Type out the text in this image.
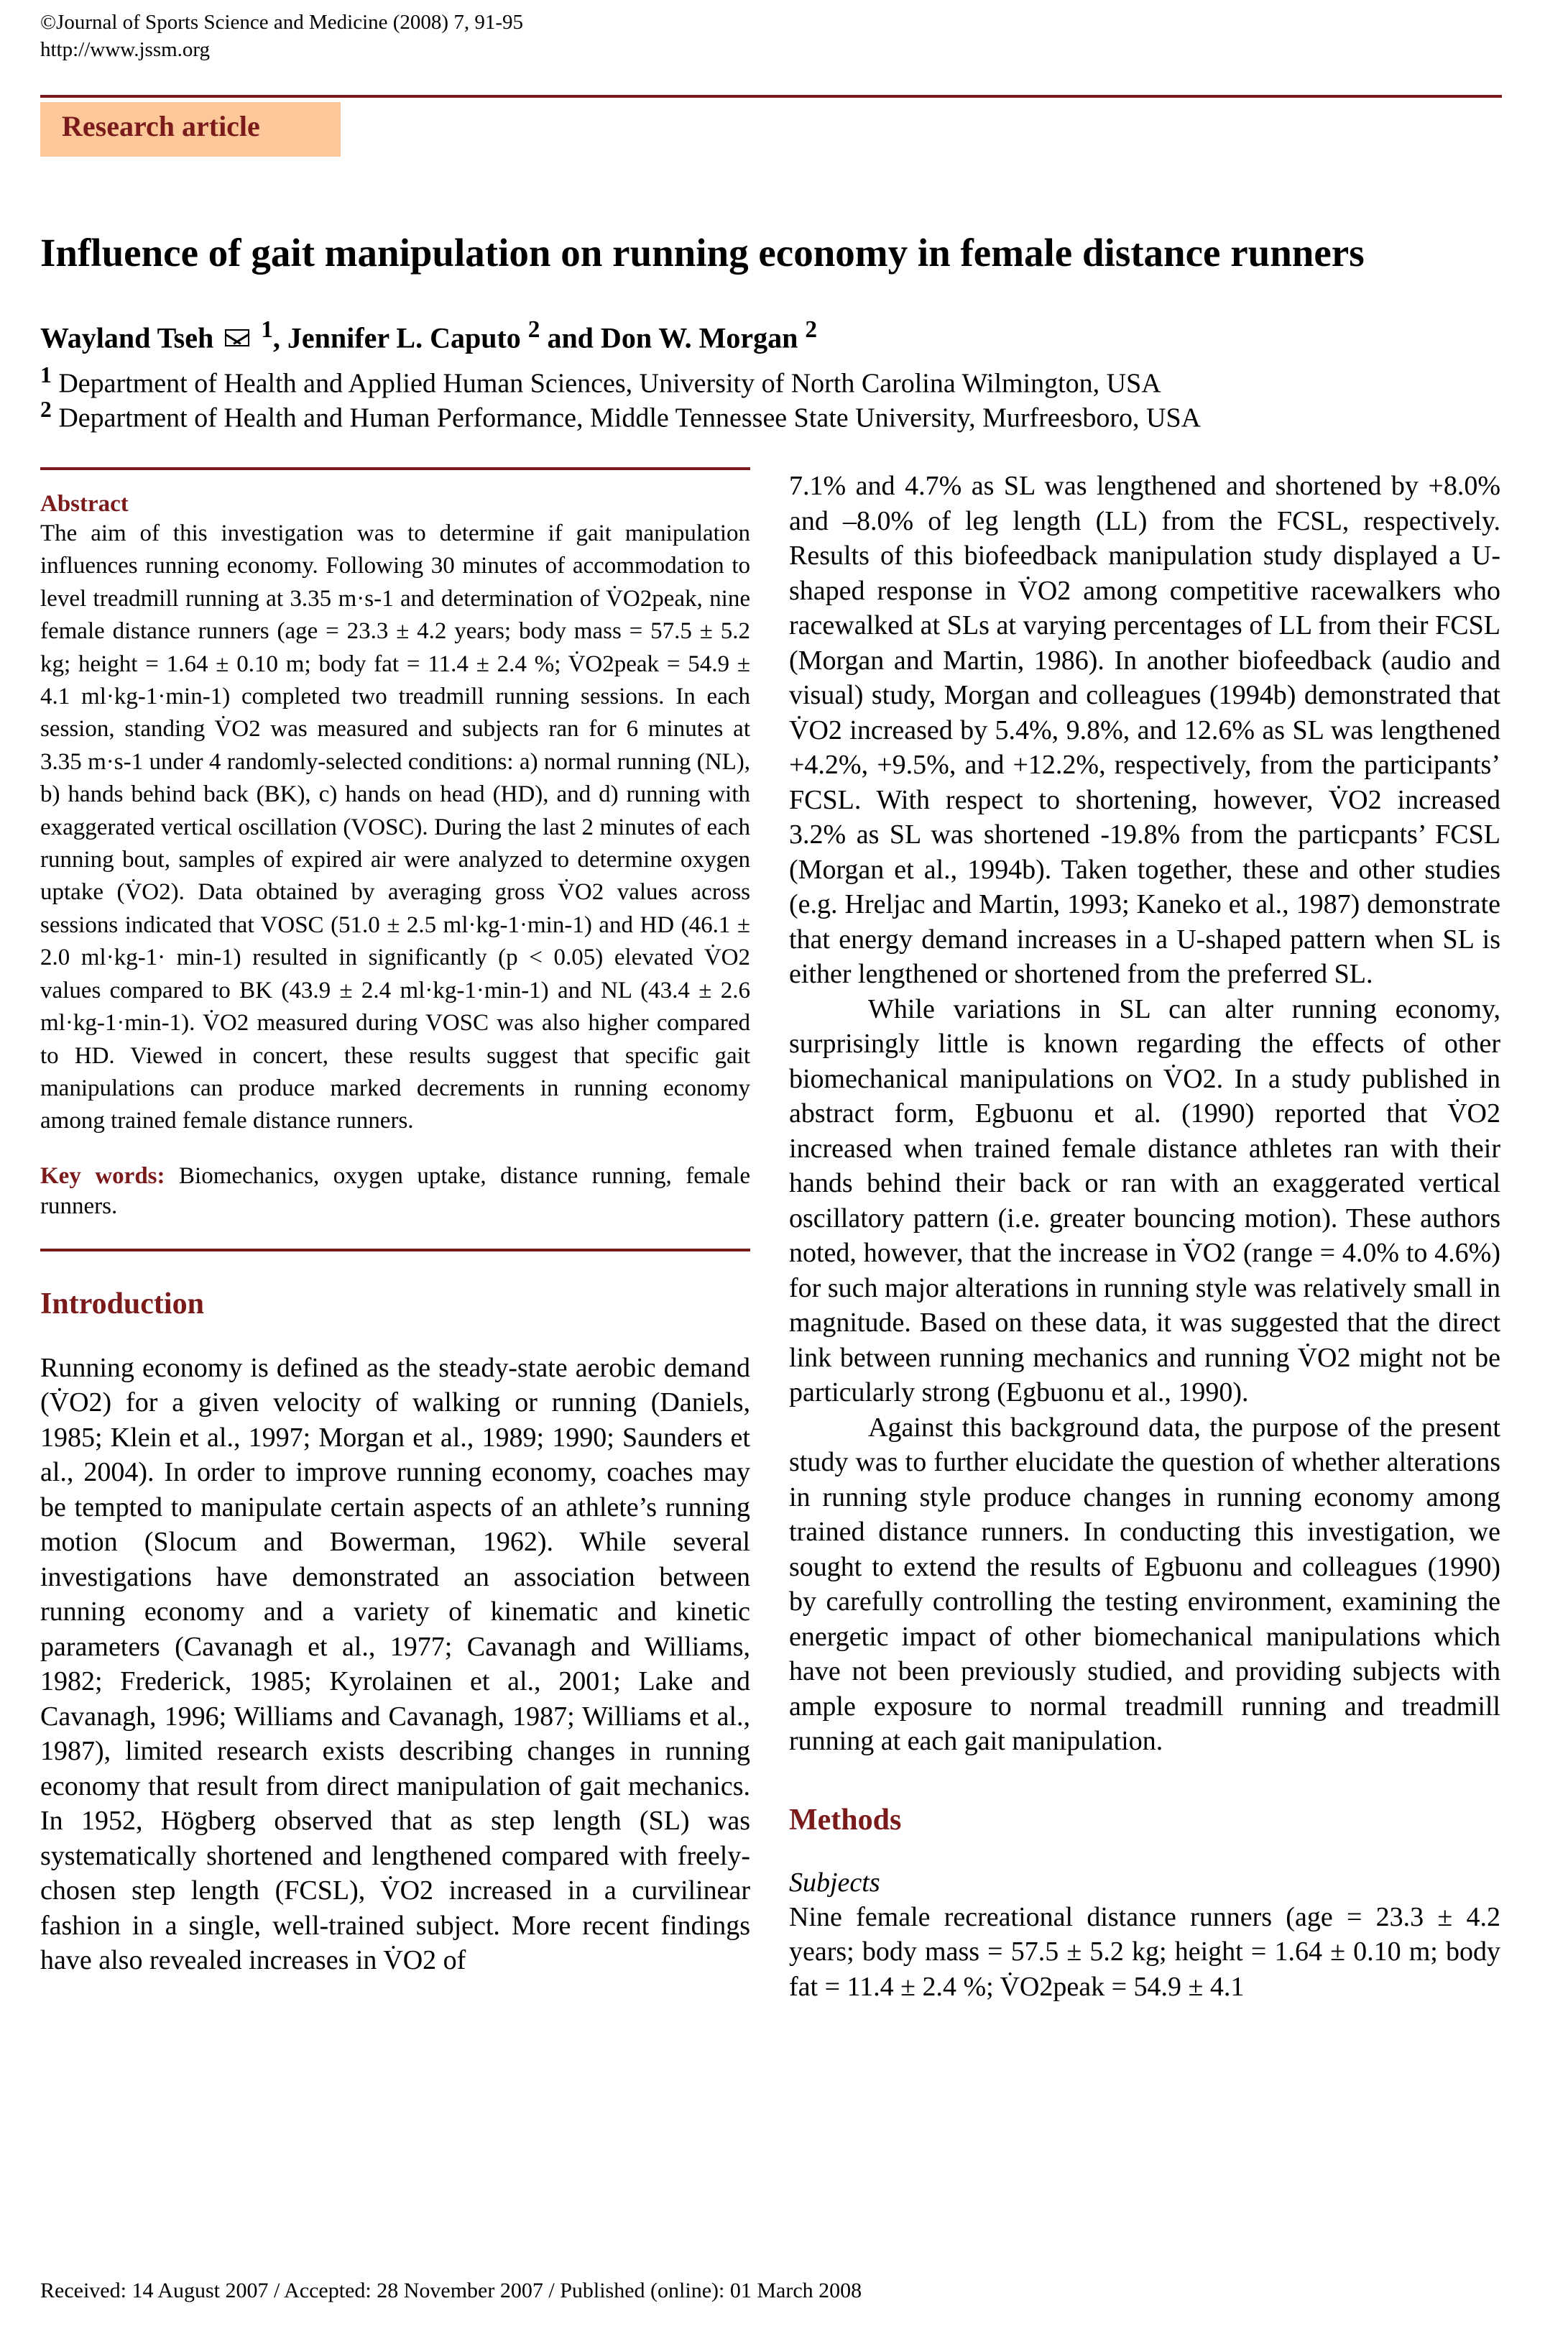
©Journal of Sports Science and Medicine (2008) 7, 91-95
http://www.jssm.org
Research article
Influence of gait manipulation on running economy in female distance runners
Wayland Tseh $^1$, Jennifer L. Caputo $^2$ and Don W. Morgan $^2$
$^1$ Department of Health and Applied Human Sciences, University of North Carolina Wilmington, USA
$^2$ Department of Health and Human Performance, Middle Tennessee State University, Murfreesboro, USA
Abstract
The aim of this investigation was to determine if gait manipulation influences running economy. Following 30 minutes of accommodation to level treadmill running at 3.35 m·s-1 and determination of V̇O2peak, nine female distance runners (age = 23.3 ± 4.2 years; body mass = 57.5 ± 5.2 kg; height = 1.64 ± 0.10 m; body fat = 11.4 ± 2.4 %; V̇O2peak = 54.9 ± 4.1 ml·kg-1·min-1) completed two treadmill running sessions. In each session, standing V̇O2 was measured and subjects ran for 6 minutes at 3.35 m·s-1 under 4 randomly-selected conditions: a) normal running (NL), b) hands behind back (BK), c) hands on head (HD), and d) running with exaggerated vertical oscillation (VOSC). During the last 2 minutes of each running bout, samples of expired air were analyzed to determine oxygen uptake (V̇O2). Data obtained by averaging gross V̇O2 values across sessions indicated that VOSC (51.0 ± 2.5 ml·kg-1·min-1) and HD (46.1 ± 2.0 ml·kg-1· min-1) resulted in significantly (p < 0.05) elevated V̇O2 values compared to BK (43.9 ± 2.4 ml·kg-1·min-1) and NL (43.4 ± 2.6 ml·kg-1·min-1). V̇O2 measured during VOSC was also higher compared to HD. Viewed in concert, these results suggest that specific gait manipulations can produce marked decrements in running economy among trained female distance runners.
Key words: Biomechanics, oxygen uptake, distance running, female runners.
Introduction
Running economy is defined as the steady-state aerobic demand (V̇O2) for a given velocity of walking or running (Daniels, 1985; Klein et al., 1997; Morgan et al., 1989; 1990; Saunders et al., 2004). In order to improve running economy, coaches may be tempted to manipulate certain aspects of an athlete’s running motion (Slocum and Bowerman, 1962). While several investigations have demonstrated an association between running economy and a variety of kinematic and kinetic parameters (Cavanagh et al., 1977; Cavanagh and Williams, 1982; Frederick, 1985; Kyrolainen et al., 2001; Lake and Cavanagh, 1996; Williams and Cavanagh, 1987; Williams et al., 1987), limited research exists describing changes in running economy that result from direct manipulation of gait mechanics. In 1952, Högberg observed that as step length (SL) was systematically shortened and lengthened compared with freely-chosen step length (FCSL), V̇O2 increased in a curvilinear fashion in a single, well-trained subject. More recent findings have also revealed increases in V̇O2 of

7.1% and 4.7% as SL was lengthened and shortened by +8.0% and –8.0% of leg length (LL) from the FCSL, respectively. Results of this biofeedback manipulation study displayed a U-shaped response in V̇O2 among competitive racewalkers who racewalked at SLs at varying percentages of LL from their FCSL (Morgan and Martin, 1986). In another biofeedback (audio and visual) study, Morgan and colleagues (1994b) demonstrated that V̇O2 increased by 5.4%, 9.8%, and 12.6% as SL was lengthened +4.2%, +9.5%, and +12.2%, respectively, from the participants’ FCSL. With respect to shortening, however, V̇O2 increased 3.2% as SL was shortened -19.8% from the particpants’ FCSL (Morgan et al., 1994b). Taken together, these and other studies (e.g. Hreljac and Martin, 1993; Kaneko et al., 1987) demonstrate that energy demand increases in a U-shaped pattern when SL is either lengthened or shortened from the preferred SL.

While variations in SL can alter running economy, surprisingly little is known regarding the effects of other biomechanical manipulations on V̇O2. In a study published in abstract form, Egbuonu et al. (1990) reported that V̇O2 increased when trained female distance athletes ran with their hands behind their back or ran with an exaggerated vertical oscillatory pattern (i.e. greater bouncing motion). These authors noted, however, that the increase in V̇O2 (range = 4.0% to 4.6%) for such major alterations in running style was relatively small in magnitude. Based on these data, it was suggested that the direct link between running mechanics and running V̇O2 might not be particularly strong (Egbuonu et al., 1990).

Against this background data, the purpose of the present study was to further elucidate the question of whether alterations in running style produce changes in running economy among trained distance runners. In conducting this investigation, we sought to extend the results of Egbuonu and colleagues (1990) by carefully controlling the testing environment, examining the energetic impact of other biomechanical manipulations which have not been previously studied, and providing subjects with ample exposure to normal treadmill running and treadmill running at each gait manipulation.

Methods
Subjects
Nine female recreational distance runners (age = 23.3 ± 4.2 years; body mass = 57.5 ± 5.2 kg; height = 1.64 ± 0.10 m; body fat = 11.4 ± 2.4 %; V̇O2peak = 54.9 ± 4.1
Received: 14 August 2007 / Accepted: 28 November 2007 / Published (online): 01 March 2008
